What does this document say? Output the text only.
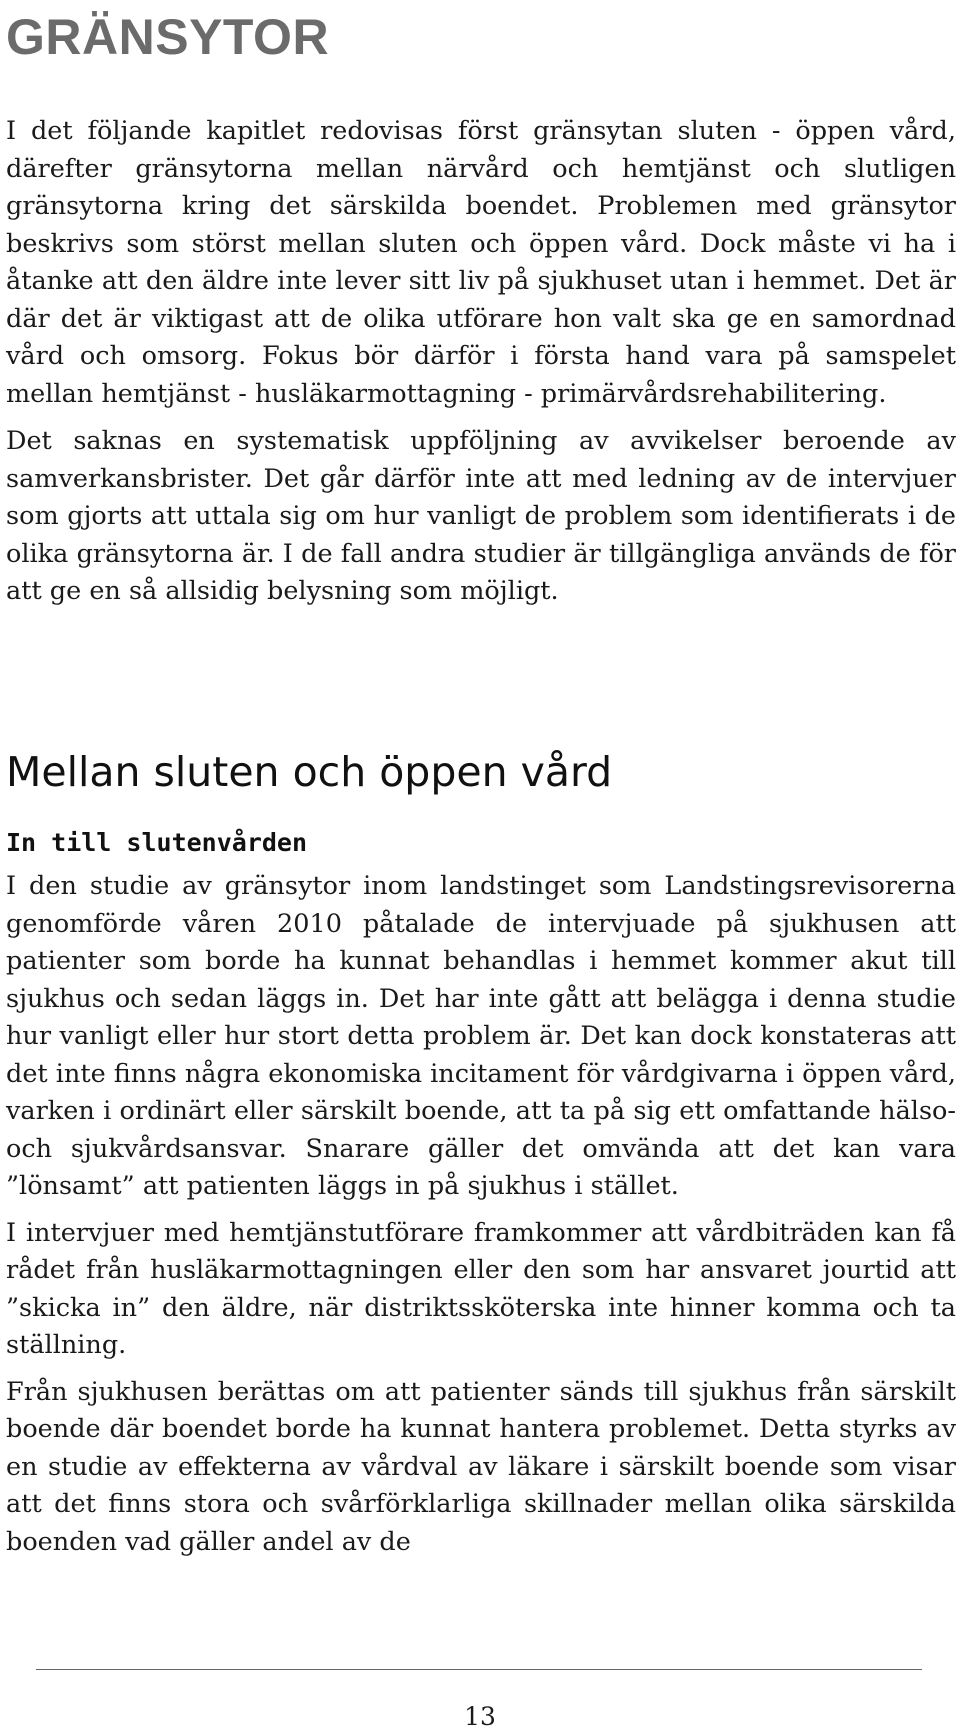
GRÄNSYTOR

I det följande kapitlet redovisas först gränsytan sluten - öppen vård, därefter gränsytorna mellan närvård och hemtjänst och slutligen gränsytorna kring det särskilda boendet. Problemen med gränsytor beskrivs som störst mellan sluten och öppen vård. Dock måste vi ha i åtanke att den äldre inte lever sitt liv på sjukhuset utan i hemmet. Det är där det är viktigast att de olika utförare hon valt ska ge en samordnad vård och omsorg. Fokus bör därför i första hand vara på samspelet mellan hemtjänst - husläkarmottagning - primärvårdsrehabilitering.

Det saknas en systematisk uppföljning av avvikelser beroende av samverkansbrister. Det går därför inte att med ledning av de intervjuer som gjorts att uttala sig om hur vanligt de problem som identifierats i de olika gränsytorna är. I de fall andra studier är tillgängliga används de för att ge en så allsidig belysning som möjligt.

Mellan sluten och öppen vård
In till slutenvården

I den studie av gränsytor inom landstinget som Landstingsrevisorerna genomförde våren 2010 påtalade de intervjuade på sjukhusen att patienter som borde ha kunnat behandlas i hemmet kommer akut till sjukhus och sedan läggs in. Det har inte gått att belägga i denna studie hur vanligt eller hur stort detta problem är. Det kan dock konstateras att det inte finns några ekonomiska incitament för vårdgivarna i öppen vård, varken i ordinärt eller särskilt boende, att ta på sig ett omfattande hälso- och sjukvårdsansvar. Snarare gäller det omvända att det kan vara ”lönsamt” att patienten läggs in på sjukhus i stället.

I intervjuer med hemtjänstutförare framkommer att vårdbiträden kan få rådet från husläkarmottagningen eller den som har ansvaret jourtid att ”skicka in” den äldre, när distriktssköterska inte hinner komma och ta ställning.

Från sjukhusen berättas om att patienter sänds till sjukhus från särskilt boende där boendet borde ha kunnat hantera problemet. Detta styrks av en studie av effekterna av vårdval av läkare i särskilt boende som visar att det finns stora och svårförklarliga skillnader mellan olika särskilda boenden vad gäller andel av de

13
